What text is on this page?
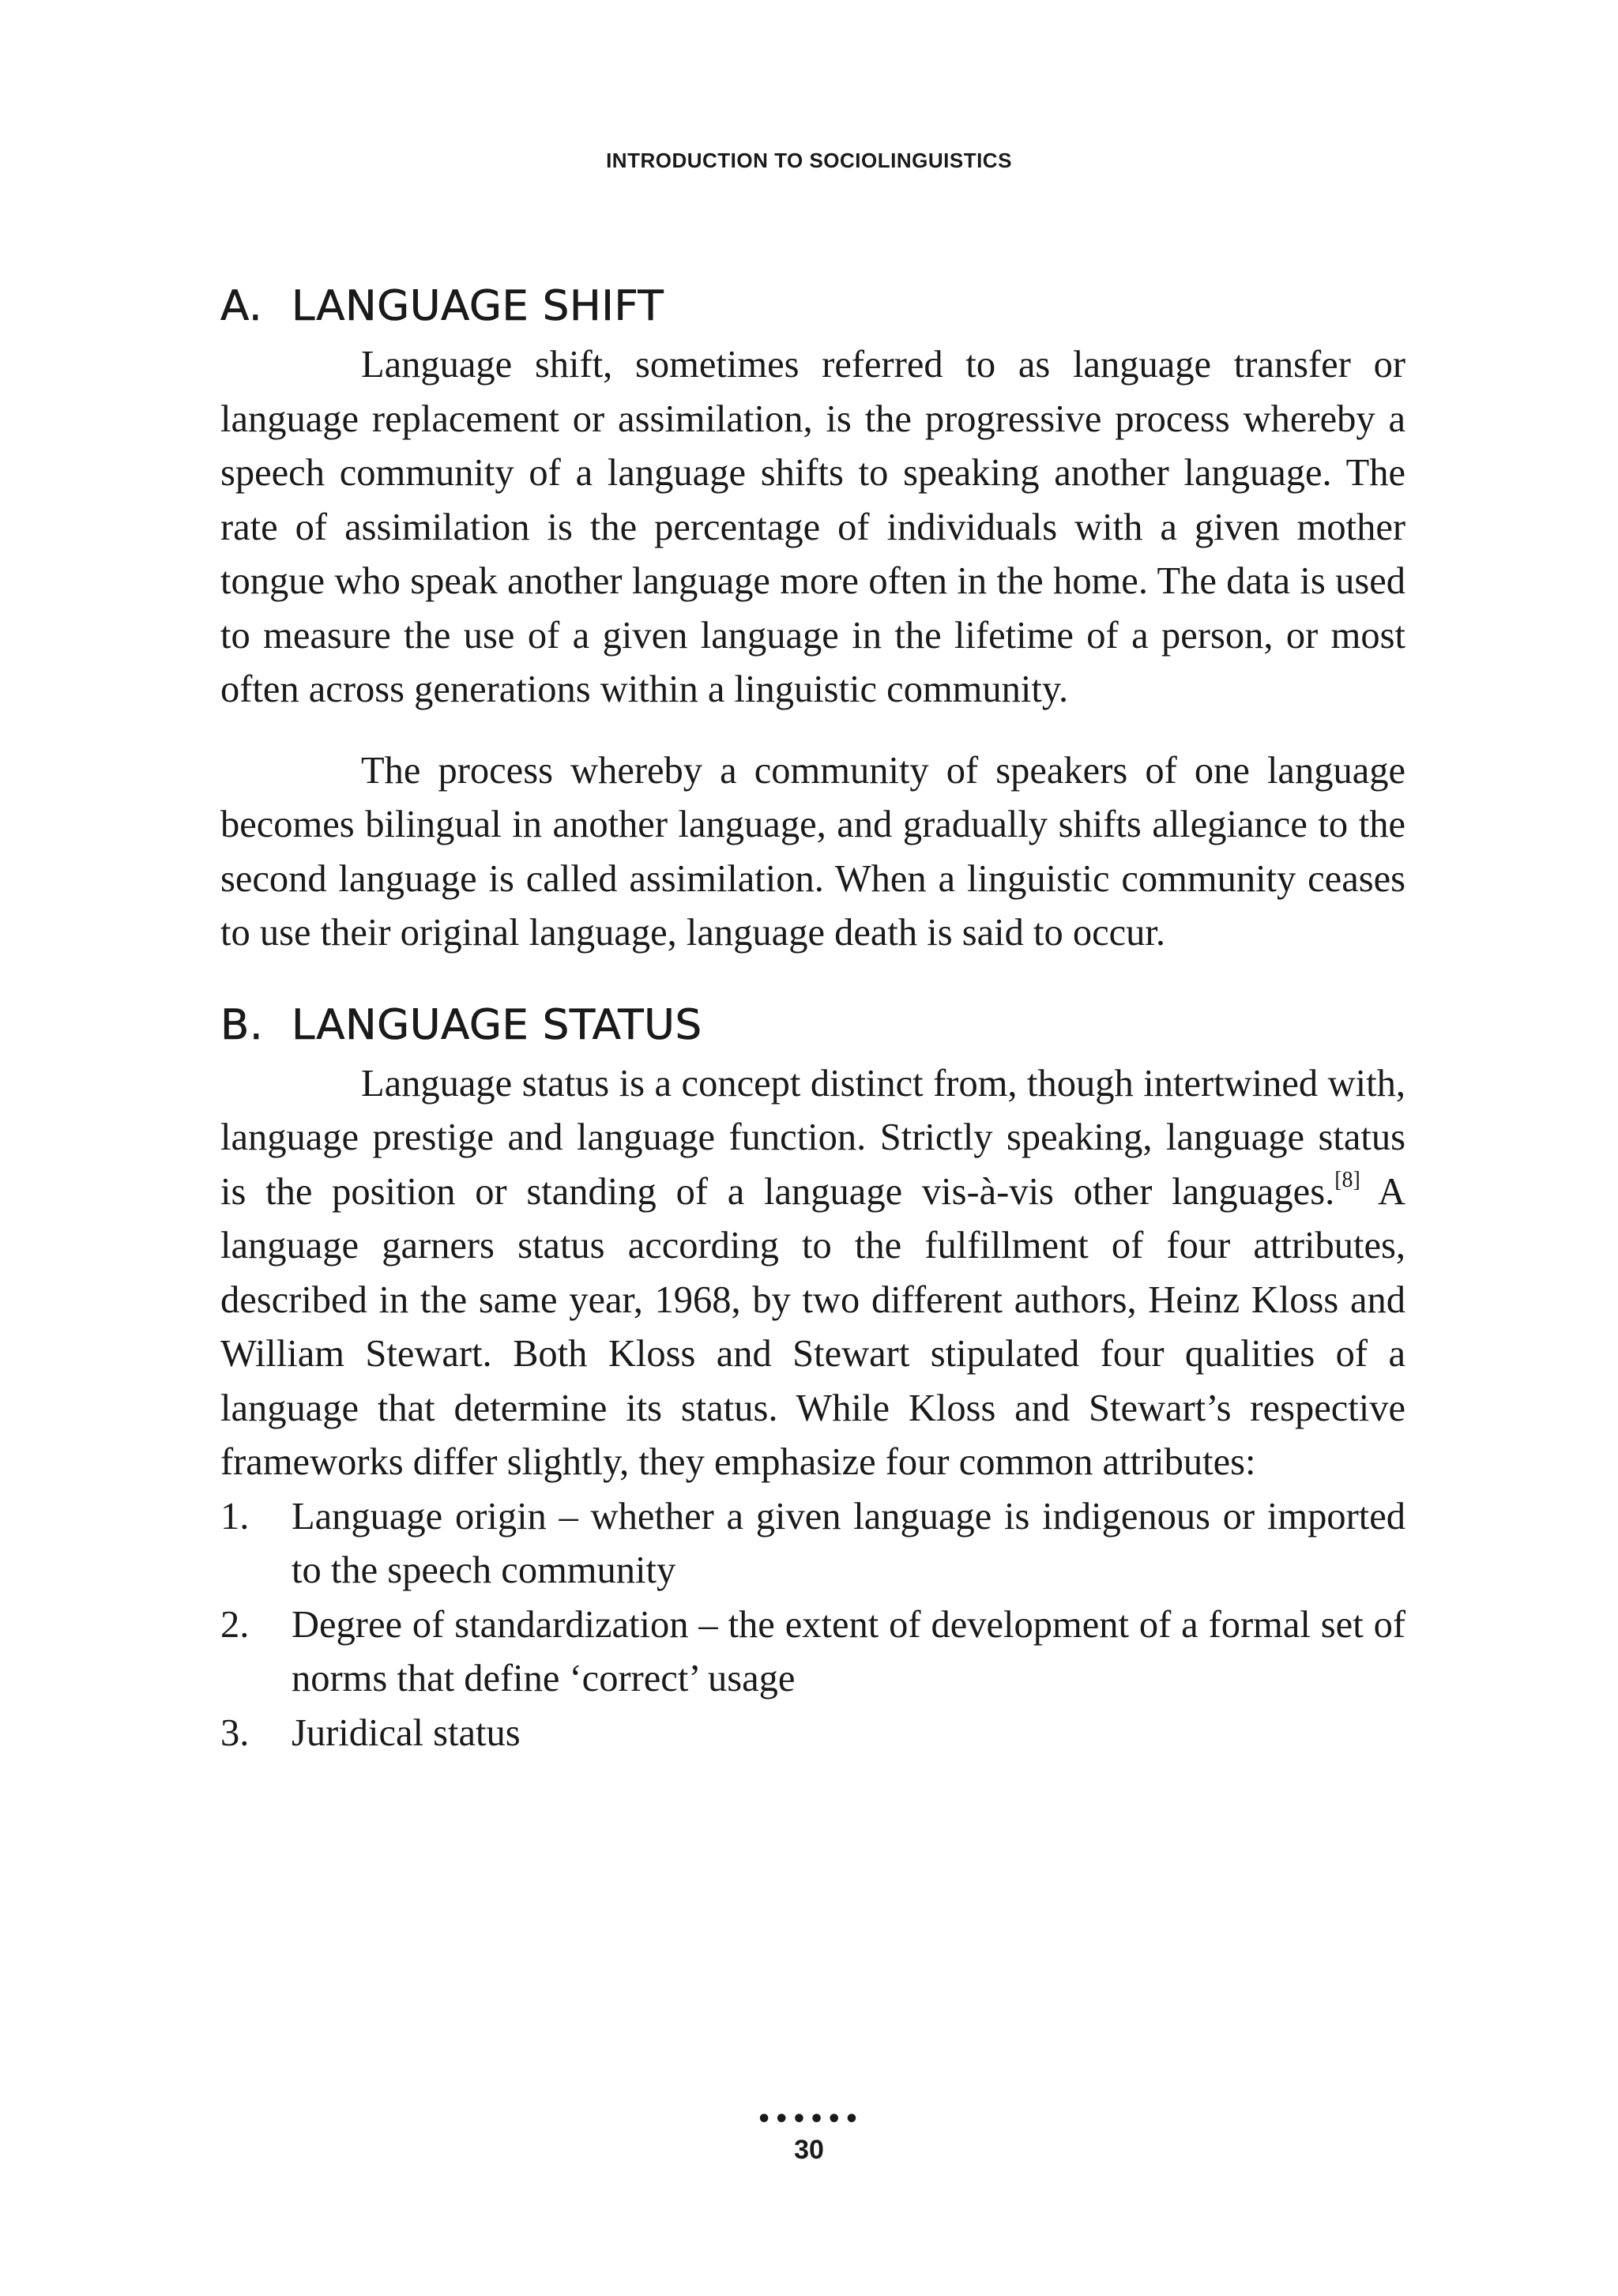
INTRODUCTION TO SOCIOLINGUISTICS
A. LANGUAGE SHIFT

Language shift, sometimes referred to as language transfer or language replacement or assimilation, is the progressive process whereby a speech community of a language shifts to speaking another language. The rate of assimilation is the percentage of individuals with a given mother tongue who speak another language more often in the home. The data is used to measure the use of a given language in the lifetime of a person, or most often across generations within a linguistic community.

The process whereby a community of speakers of one language becomes bilingual in another language, and gradually shifts allegiance to the second language is called assimilation. When a linguistic community ceases to use their original language, language death is said to occur.

B. LANGUAGE STATUS

Language status is a concept distinct from, though intertwined with, language prestige and language function. Strictly speaking, language status is the position or standing of a language vis-à-vis other languages.[8] A language garners status according to the fulfillment of four attributes, described in the same year, 1968, by two different authors, Heinz Kloss and William Stewart. Both Kloss and Stewart stipulated four qualities of a language that determine its status. While Kloss and Stewart’s respective frameworks differ slightly, they emphasize four common attributes:

1. Language origin – whether a given language is indigenous or imported to the speech community
2. Degree of standardization – the extent of development of a formal set of norms that define ‘correct’ usage
3. Juridical status
••••••
30
